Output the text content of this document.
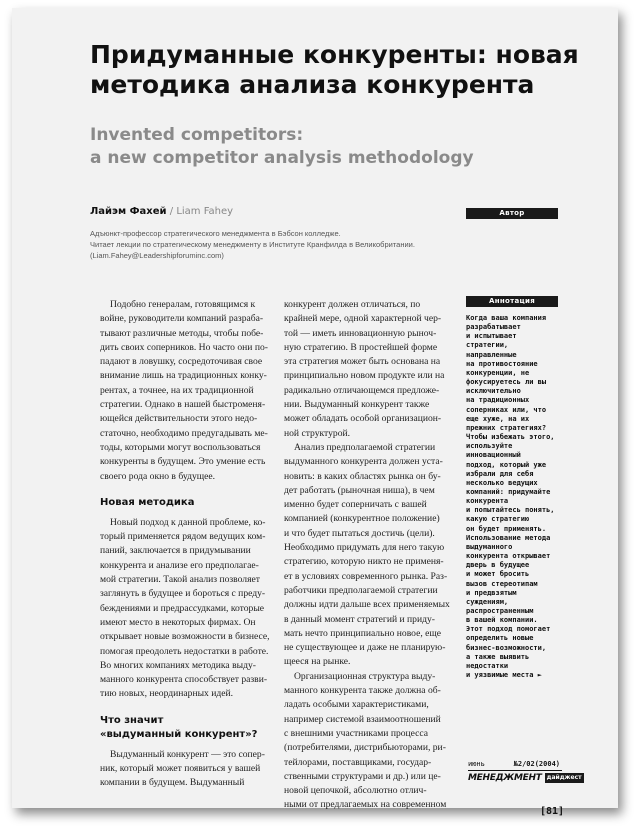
Придуманные конкуренты: новая
методика анализа конкурента
Invented competitors:
a new competitor analysis methodology
Лайэм Фахей / Liam Fahey
Адъюнкт-профессор стратегического менеджмента в Бэбсон колледже.
Читает лекции по стратегическому менеджменту в Институте Кранфилда в Великобритании.
(Liam.Fahey@Leadershipforuminc.com)
Автор
Аннотация
Когда ваша компания
разрабатывает
и испытывает
стратегии,
направленные
на противостояние
конкуренции, не
фокусируетесь ли вы
исключительно
на традиционных
соперниках или, что
еще хуже, на их
прежних стратегиях?
Чтобы избежать этого,
используйте
инновационный
подход, который уже
избрали для себя
несколько ведущих
компаний: придумайте
конкурента
и попытайтесь понять,
какую стратегию
он будет применять.
Использование метода
выдуманного
конкурента открывает
дверь в будущее
и может бросить
вызов стереотипам
и предвзятым
суждениям,
распространенным
в вашей компании.
Этот подход помогает
определить новые
бизнес-возможности,
а также выявить
недостатки
и уязвимые места ►
Подобно генералам, готовящимся к
войне, руководители компаний разраба-
тывают различные методы, чтобы побе-
дить своих соперников. Но часто они по-
падают в ловушку, сосредоточивая свое
внимание лишь на традиционных конку-
рентах, а точнее, на их традиционной
стратегии. Однако в нашей быстроменя-
ющейся действительности этого недо-
статочно, необходимо предугадывать ме-
тоды, которыми могут воспользоваться
конкуренты в будущем. Это умение есть
своего рода окно в будущее.
Новая методика
Новый подход к данной проблеме, ко-
торый применяется рядом ведущих ком-
паний, заключается в придумывании
конкурента и анализе его предполагае-
мой стратегии. Такой анализ позволяет
заглянуть в будущее и бороться с преду-
беждениями и предрассудками, которые
имеют место в некоторых фирмах. Он
открывает новые возможности в бизнесе,
помогая преодолеть недостатки в работе.
Во многих компаниях методика выду-
манного конкурента способствует разви-
тию новых, неординарных идей.
Что значит
«выдуманный конкурент»?
Выдуманный конкурент — это сопер-
ник, который может появиться у вашей
компании в будущем. Выдуманный
конкурент должен отличаться, по
крайней мере, одной характерной чер-
той — иметь инновационную рыноч-
ную стратегию. В простейшей форме
эта стратегия может быть основана на
принципиально новом продукте или на
радикально отличающемся предложе-
нии. Выдуманный конкурент также
может обладать особой организацион-
ной структурой.
Анализ предполагаемой стратегии
выдуманного конкурента должен уста-
новить: в каких областях рынка он бу-
дет работать (рыночная ниша), в чем
именно будет соперничать с вашей
компанией (конкурентное положение)
и что будет пытаться достичь (цели).
Необходимо придумать для него такую
стратегию, которую никто не применя-
ет в условиях современного рынка. Раз-
работчики предполагаемой стратегии
должны идти дальше всех применяемых
в данный момент стратегий и приду-
мать нечто принципиально новое, еще
не существующее и даже не планирую-
щееся на рынке.
Организационная структура выду-
манного конкурента также должна об-
ладать особыми характеристиками,
например системой взаимоотношений
с внешними участниками процесса
(потребителями, дистрибьюторами, ри-
тейлорами, поставщиками, государ-
ственными структурами и др.) или це-
новой цепочкой, абсолютно отлич-
ными от предлагаемых на современном
июнь	№2/02(2004)
МЕНЕДЖМЕНТ дайджест
[81]
